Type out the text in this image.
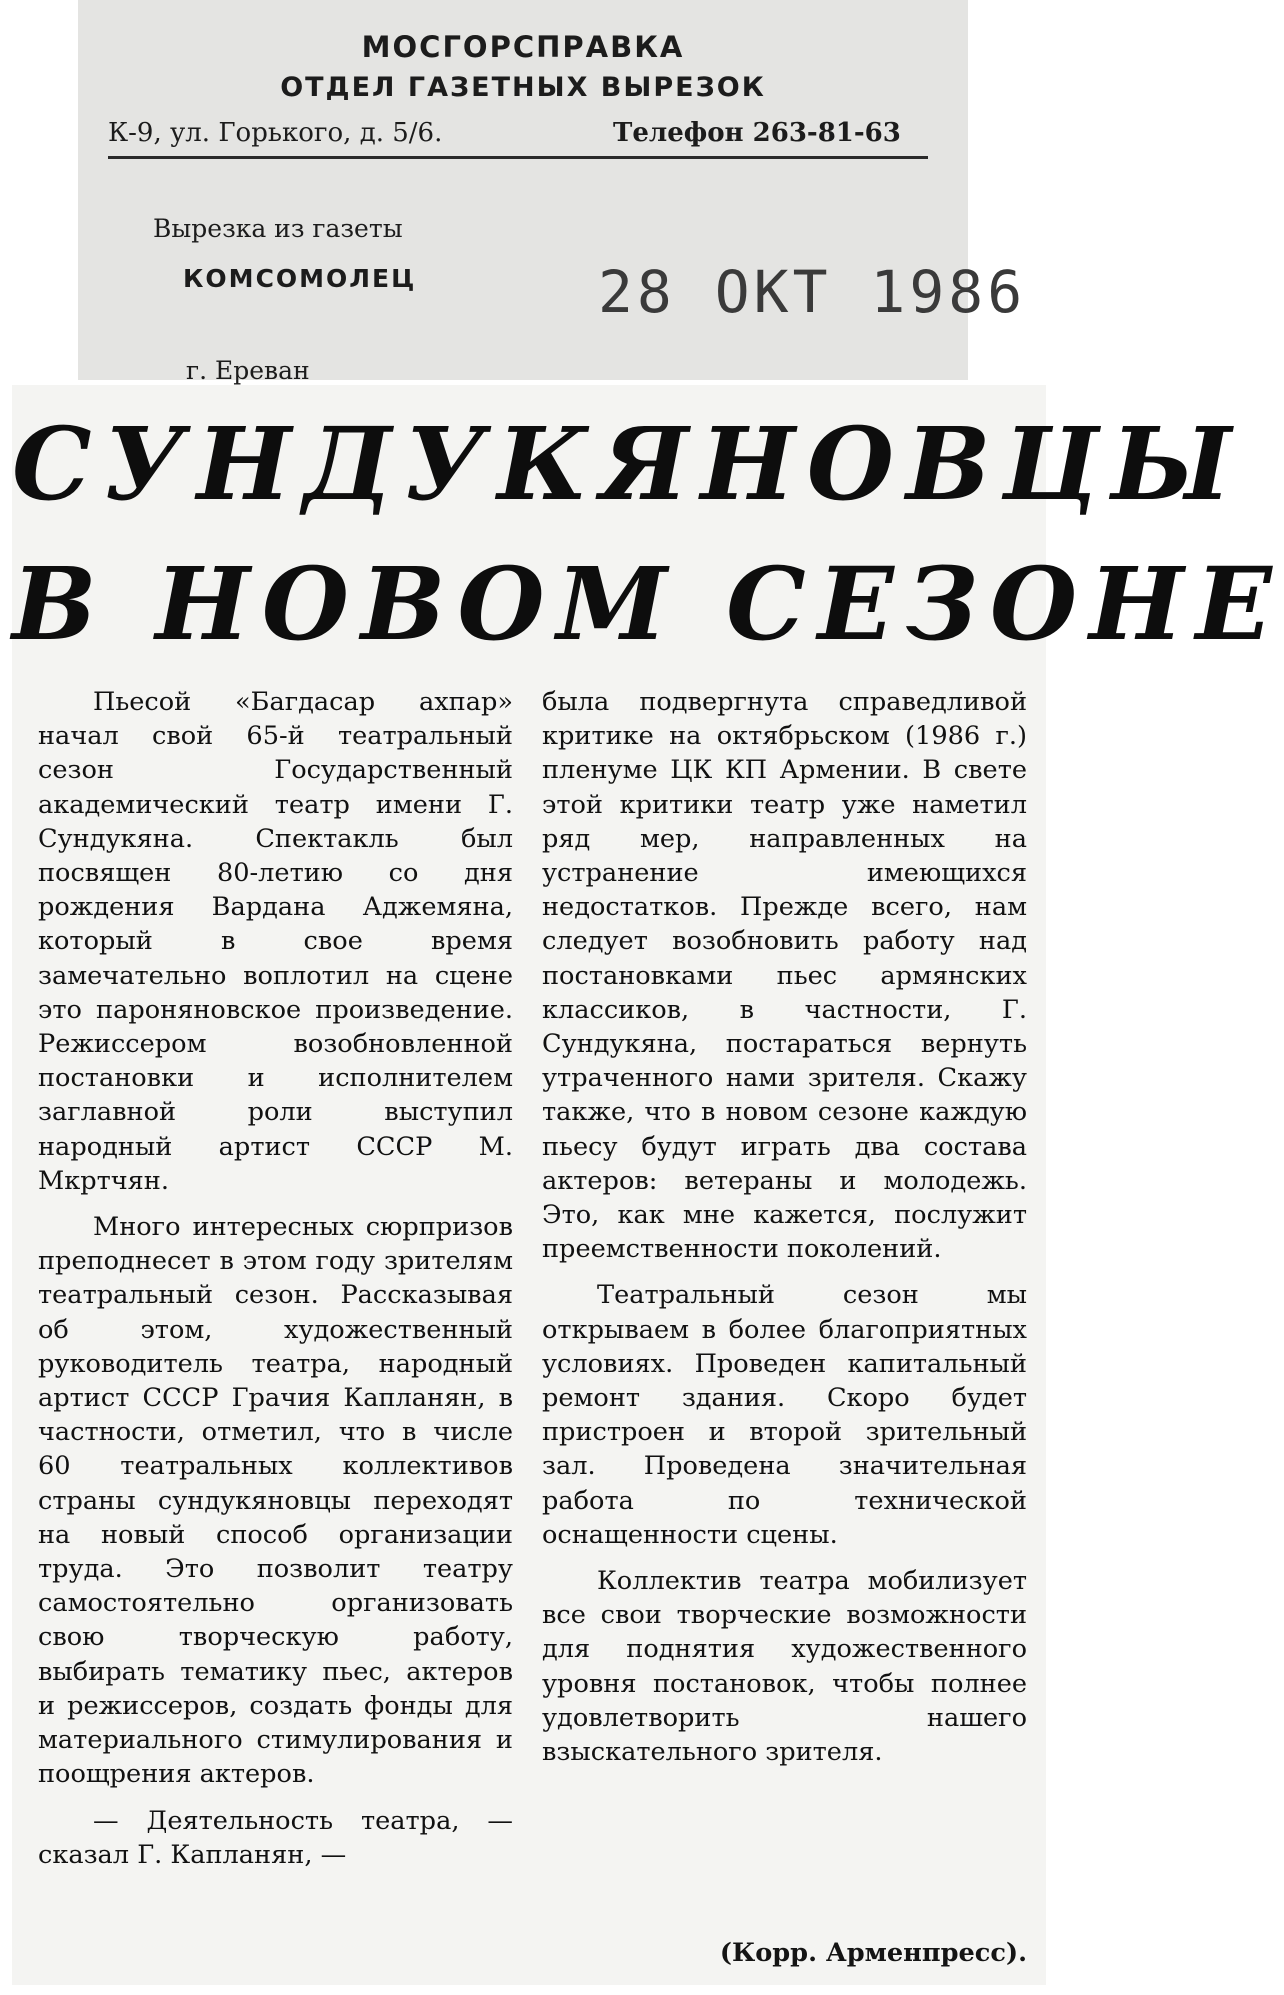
МОСГОРСПРАВКА
ОТДЕЛ ГАЗЕТНЫХ ВЫРЕЗОК
К-9, ул. Горького, д. 5/6.	Телефон 263-81-63
Вырезка из газеты
КОМСОМОЛЕЦ	28 ОКТ 1986
г. Ереван
СУНДУКЯНОВЦЫ
В НОВОМ СЕЗОНЕ

Пьесой «Багдасар ахпар» начал свой 65-й театральный сезон Государственный академический театр имени Г. Сундукяна. Спектакль был посвящен 80-летию со дня рождения Вардана Аджемяна, который в свое время замечательно воплотил на сцене это пароняновское произведение. Режиссером возобновленной постановки и исполнителем заглавной роли выступил народный артист СССР М. Мкртчян.

Много интересных сюрпризов преподнесет в этом году зрителям театральный сезон. Рассказывая об этом, художественный руководитель театра, народный артист СССР Грачия Капланян, в частности, отметил, что в числе 60 театральных коллективов страны сундукяновцы переходят на новый способ организации труда. Это позволит театру самостоятельно организовать свою творческую работу, выбирать тематику пьес, актеров и режиссеров, создать фонды для материального стимулирования и поощрения актеров.

— Деятельность театра, — сказал Г. Капланян, —

была подвергнута справедливой критике на октябрьском (1986 г.) пленуме ЦК КП Армении. В свете этой критики театр уже наметил ряд мер, направленных на устранение имеющихся недостатков. Прежде всего, нам следует возобновить работу над постановками пьес армянских классиков, в частности, Г. Сундукяна, постараться вернуть утраченного нами зрителя. Скажу также, что в новом сезоне каждую пьесу будут играть два состава актеров: ветераны и молодежь. Это, как мне кажется, послужит преемственности поколений.

Театральный сезон мы открываем в более благоприятных условиях. Проведен капитальный ремонт здания. Скоро будет пристроен и второй зрительный зал. Проведена значительная работа по технической оснащенности сцены.

Коллектив театра мобилизует все свои творческие возможности для поднятия художественного уровня постановок, чтобы полнее удовлетворить нашего взыскательного зрителя.

(Корр. Арменпресс).
